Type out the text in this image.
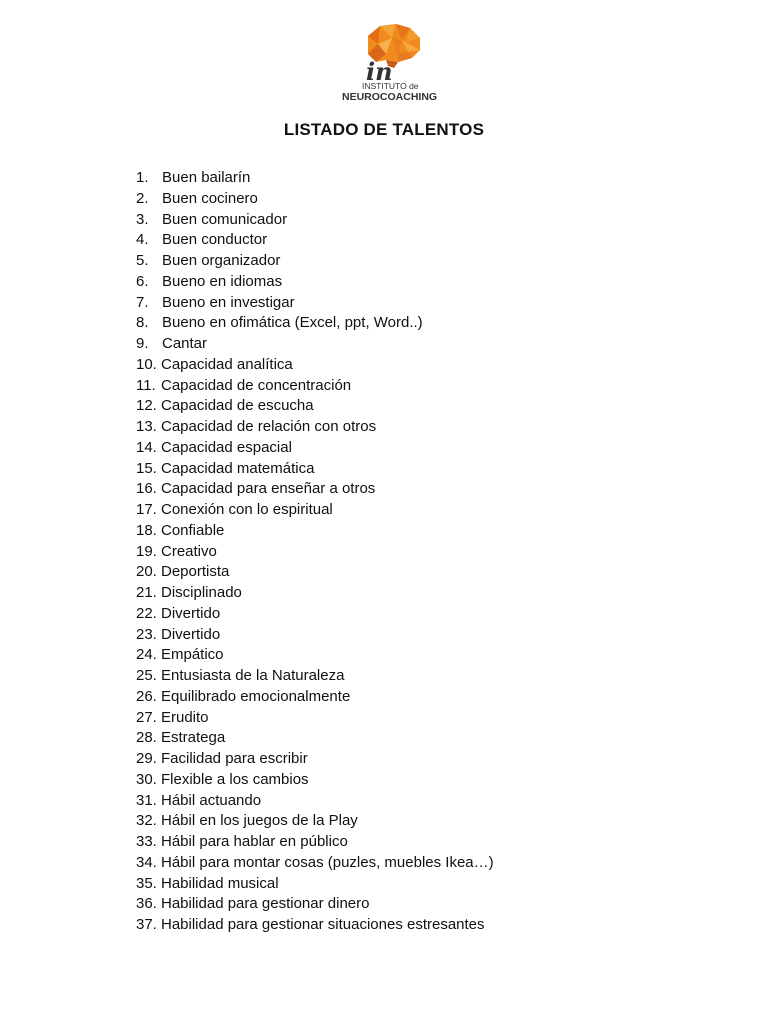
in
INSTITUTO de
NEUROCOACHING
LISTADO DE TALENTOS
1. Buen bailarín
2. Buen cocinero
3. Buen comunicador
4. Buen conductor
5. Buen organizador
6. Bueno en idiomas
7. Bueno en investigar
8. Bueno en ofimática (Excel, ppt, Word..)
9. Cantar
10. Capacidad analítica
11. Capacidad de concentración
12. Capacidad de escucha
13. Capacidad de relación con otros
14. Capacidad espacial
15. Capacidad matemática
16. Capacidad para enseñar a otros
17. Conexión con lo espiritual
18. Confiable
19. Creativo
20. Deportista
21. Disciplinado
22. Divertido
23. Divertido
24. Empático
25. Entusiasta de la Naturaleza
26. Equilibrado emocionalmente
27. Erudito
28. Estratega
29. Facilidad para escribir
30. Flexible a los cambios
31. Hábil actuando
32. Hábil en los juegos de la Play
33. Hábil para hablar en público
34. Hábil para montar cosas (puzles, muebles Ikea…)
35. Habilidad musical
36. Habilidad para gestionar dinero
37. Habilidad para gestionar situaciones estresantes
